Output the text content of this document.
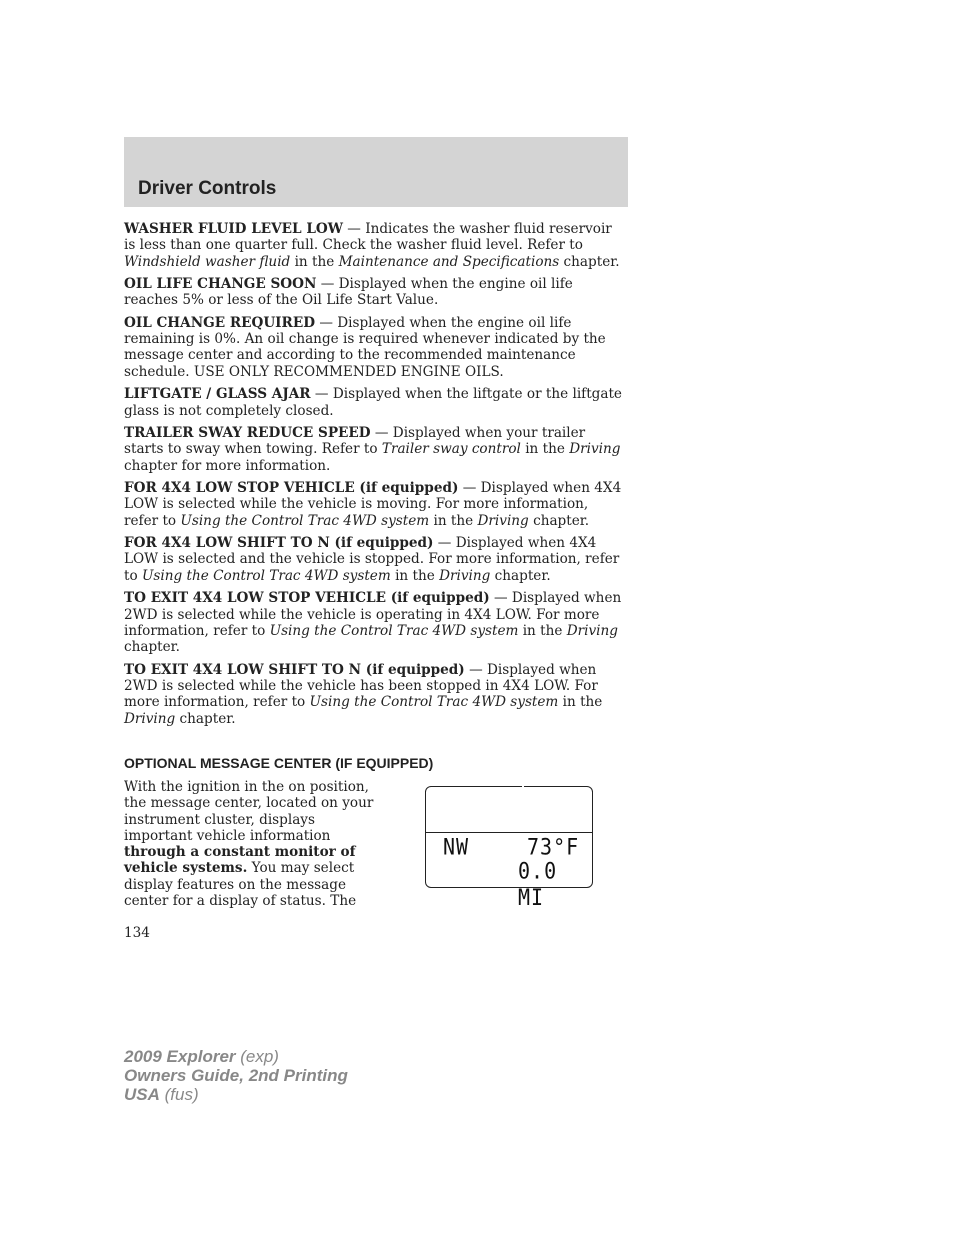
Driver Controls

WASHER FLUID LEVEL LOW — Indicates the washer fluid reservoir is less than one quarter full. Check the washer fluid level. Refer to Windshield washer fluid in the Maintenance and Specifications chapter.

OIL LIFE CHANGE SOON — Displayed when the engine oil life reaches 5% or less of the Oil Life Start Value.

OIL CHANGE REQUIRED — Displayed when the engine oil life remaining is 0%. An oil change is required whenever indicated by the message center and according to the recommended maintenance schedule. USE ONLY RECOMMENDED ENGINE OILS.

LIFTGATE / GLASS AJAR — Displayed when the liftgate or the liftgate glass is not completely closed.

TRAILER SWAY REDUCE SPEED — Displayed when your trailer starts to sway when towing. Refer to Trailer sway control in the Driving chapter for more information.

FOR 4X4 LOW STOP VEHICLE (if equipped) — Displayed when 4X4 LOW is selected while the vehicle is moving. For more information, refer to Using the Control Trac 4WD system in the Driving chapter.

FOR 4X4 LOW SHIFT TO N (if equipped) — Displayed when 4X4 LOW is selected and the vehicle is stopped. For more information, refer to Using the Control Trac 4WD system in the Driving chapter.

TO EXIT 4X4 LOW STOP VEHICLE (if equipped) — Displayed when 2WD is selected while the vehicle is operating in 4X4 LOW. For more information, refer to Using the Control Trac 4WD system in the Driving chapter.

TO EXIT 4X4 LOW SHIFT TO N (if equipped) — Displayed when 2WD is selected while the vehicle has been stopped in 4X4 LOW. For more information, refer to Using the Control Trac 4WD system in the Driving chapter.

OPTIONAL MESSAGE CENTER (IF EQUIPPED)

With the ignition in the on position, the message center, located on your instrument cluster, displays important vehicle information through a constant monitor of vehicle systems. You may select display features on the message center for a display of status. The

NW	73°F
0.0 MI
134
2009 Explorer (exp)
Owners Guide, 2nd Printing
USA (fus)
